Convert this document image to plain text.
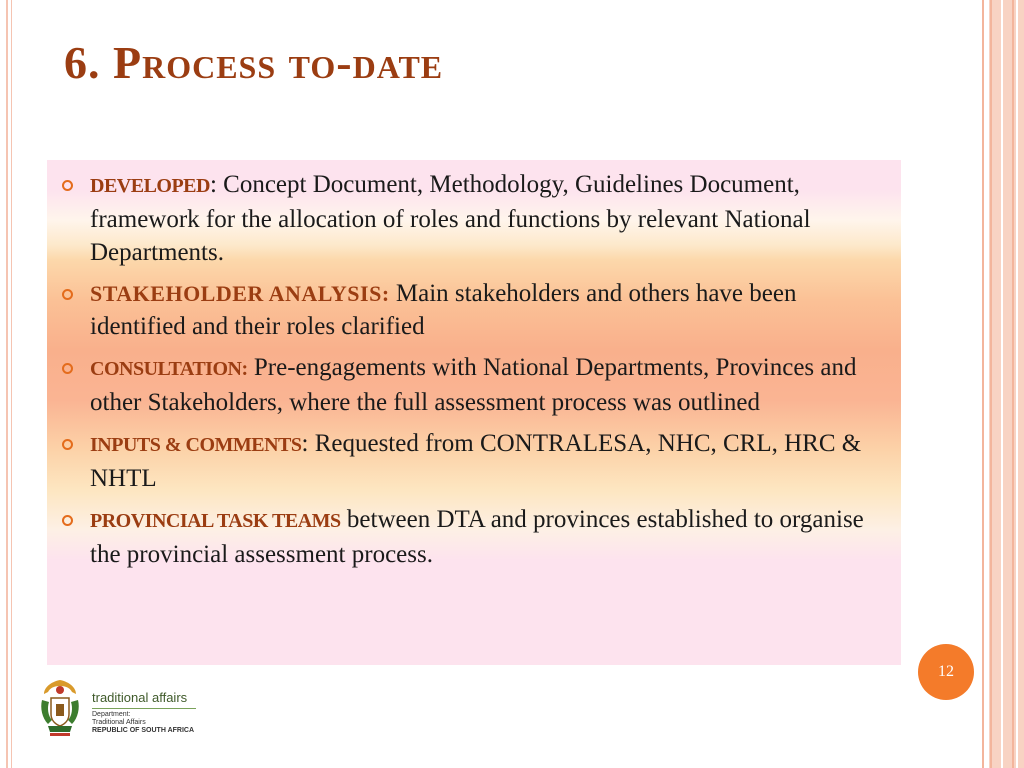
6. Process to-date
DEVELOPED: Concept Document, Methodology, Guidelines Document, framework for the allocation of roles and functions by relevant National Departments.
STAKEHOLDER ANALYSIS: Main stakeholders and others have been identified and their roles clarified
CONSULTATION: Pre-engagements with National Departments, Provinces and other Stakeholders, where the full assessment process was outlined
INPUTS & COMMENTS: Requested from CONTRALESA, NHC, CRL, HRC & NHTL
PROVINCIAL TASK TEAMS between DTA and provinces established to organise the provincial assessment process.
12
traditional affairs
Department:
Traditional Affairs
REPUBLIC OF SOUTH AFRICA
